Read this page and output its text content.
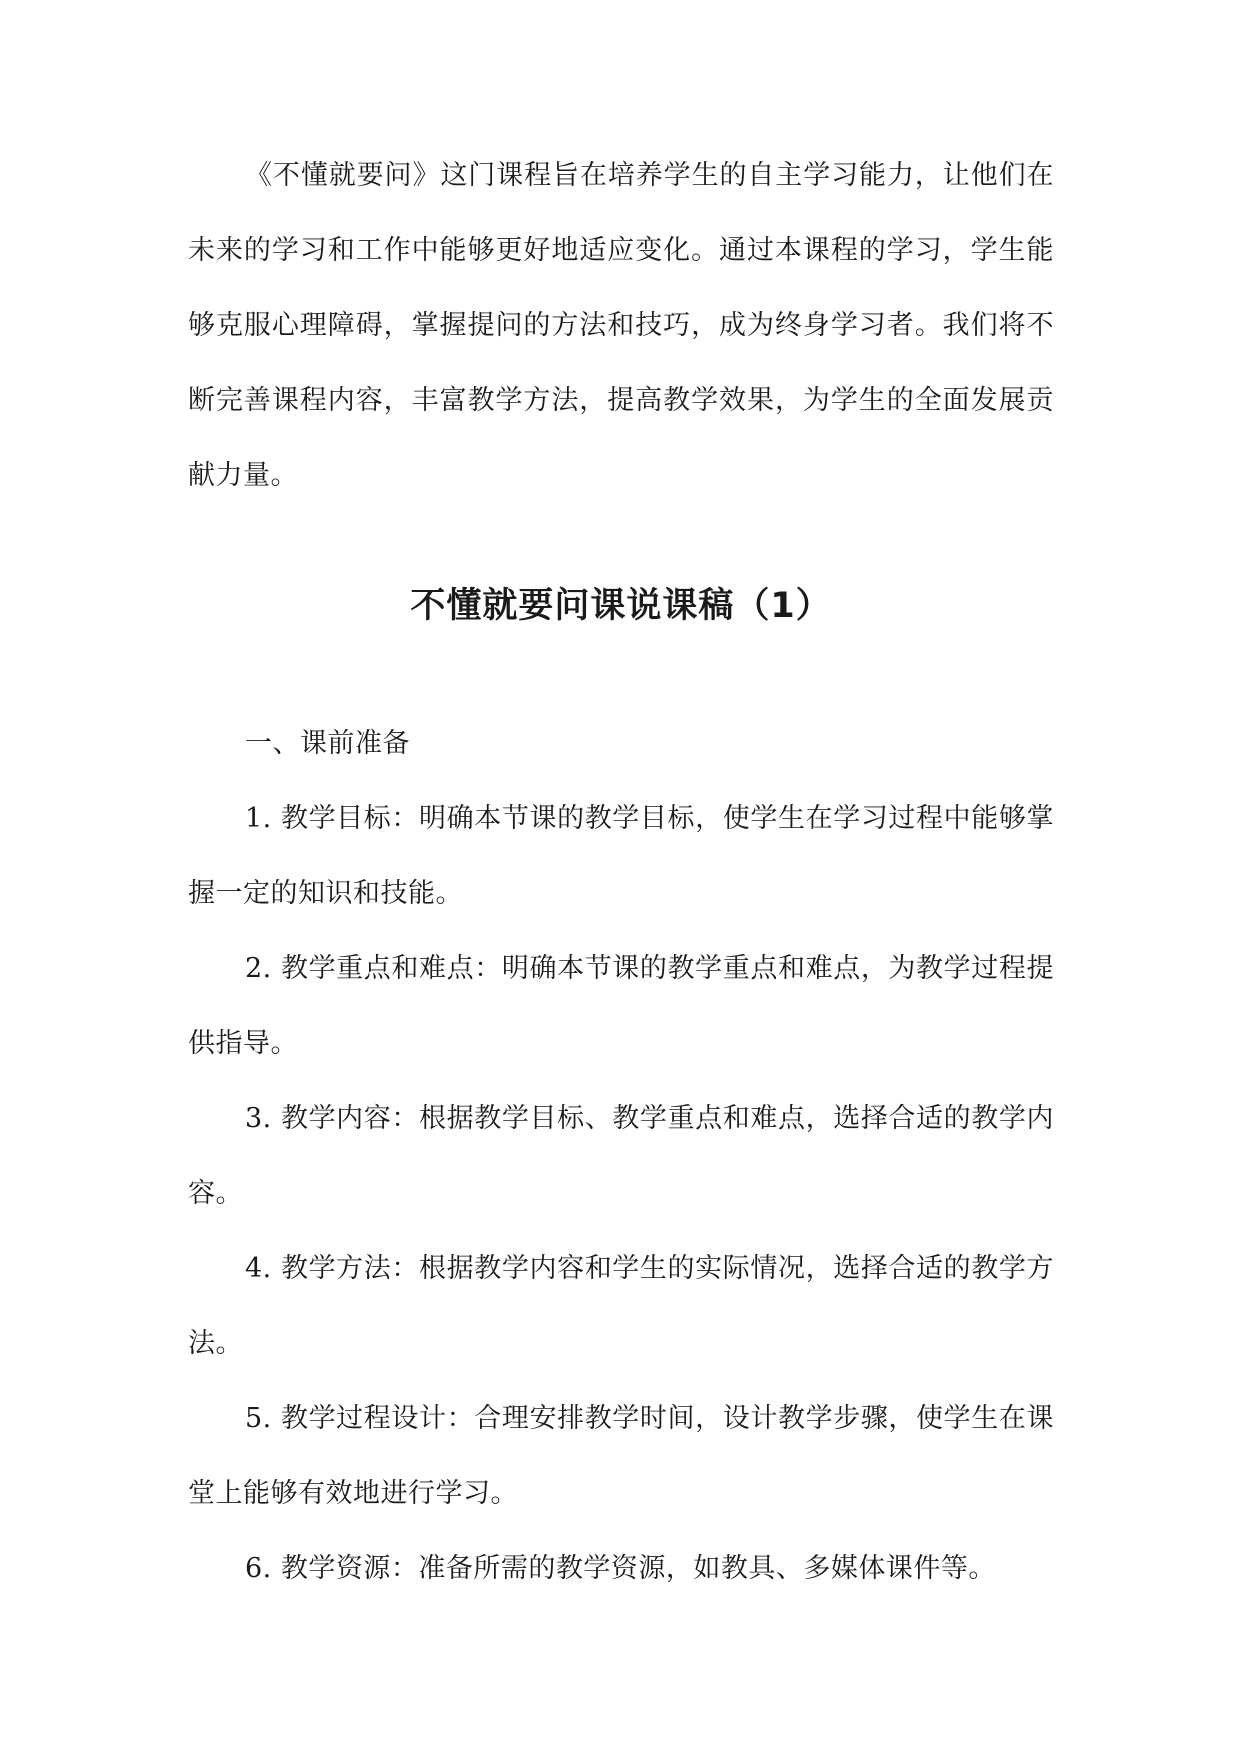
《不懂就要问》这门课程旨在培养学生的自主学习能力，让他们在未来的学习和工作中能够更好地适应变化。通过本课程的学习，学生能够克服心理障碍，掌握提问的方法和技巧，成为终身学习者。我们将不断完善课程内容，丰富教学方法，提高教学效果，为学生的全面发展贡献力量。

不懂就要问课说课稿（1）

一、课前准备

1. 教学目标：明确本节课的教学目标，使学生在学习过程中能够掌握一定的知识和技能。

2. 教学重点和难点：明确本节课的教学重点和难点，为教学过程提供指导。

3. 教学内容：根据教学目标、教学重点和难点，选择合适的教学内容。

4. 教学方法：根据教学内容和学生的实际情况，选择合适的教学方法。

5. 教学过程设计：合理安排教学时间，设计教学步骤，使学生在课堂上能够有效地进行学习。

6. 教学资源：准备所需的教学资源，如教具、多媒体课件等。
